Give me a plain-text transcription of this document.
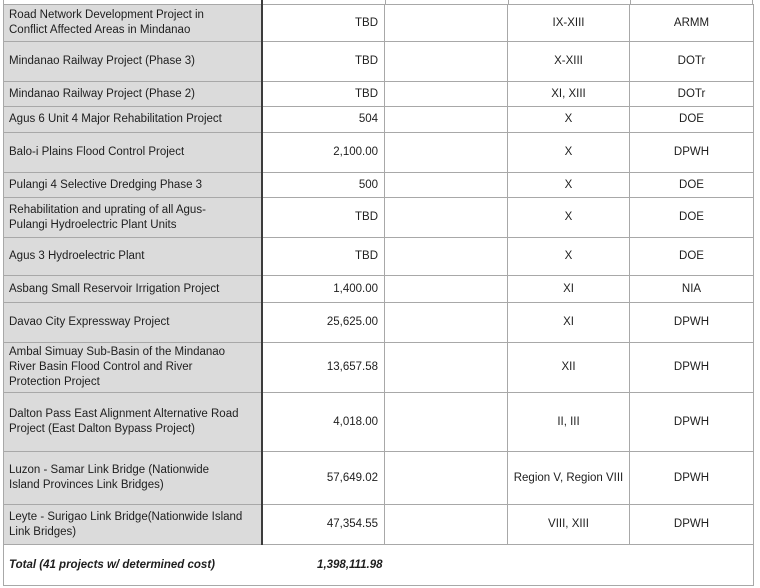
Road Network Development Project in Conflict Affected Areas in Mindanao	TBD		IX-XIII	ARMM
Mindanao Railway Project (Phase 3)	TBD		X-XIII	DOTr
Mindanao Railway Project (Phase 2)	TBD		XI, XIII	DOTr
Agus 6 Unit 4 Major Rehabilitation Project	504		X	DOE
Balo-i Plains Flood Control Project	2,100.00		X	DPWH
Pulangi 4 Selective Dredging Phase 3	500		X	DOE
Rehabilitation and uprating of all Agus-Pulangi Hydroelectric Plant Units	TBD		X	DOE
Agus 3 Hydroelectric Plant	TBD		X	DOE
Asbang Small Reservoir Irrigation Project	1,400.00		XI	NIA
Davao City Expressway Project	25,625.00		XI	DPWH
Ambal Simuay Sub-Basin of the Mindanao River Basin Flood Control and River Protection Project	13,657.58		XII	DPWH
Dalton Pass East Alignment Alternative Road Project (East Dalton Bypass Project)	4,018.00		II, III	DPWH
Luzon - Samar Link Bridge (Nationwide Island Provinces Link Bridges)	57,649.02		Region V, Region VIII	DPWH
Leyte - Surigao Link Bridge(Nationwide Island Link Bridges)	47,354.55		VIII, XIII	DPWH
Total (41 projects w/ determined cost)	1,398,111.98			
